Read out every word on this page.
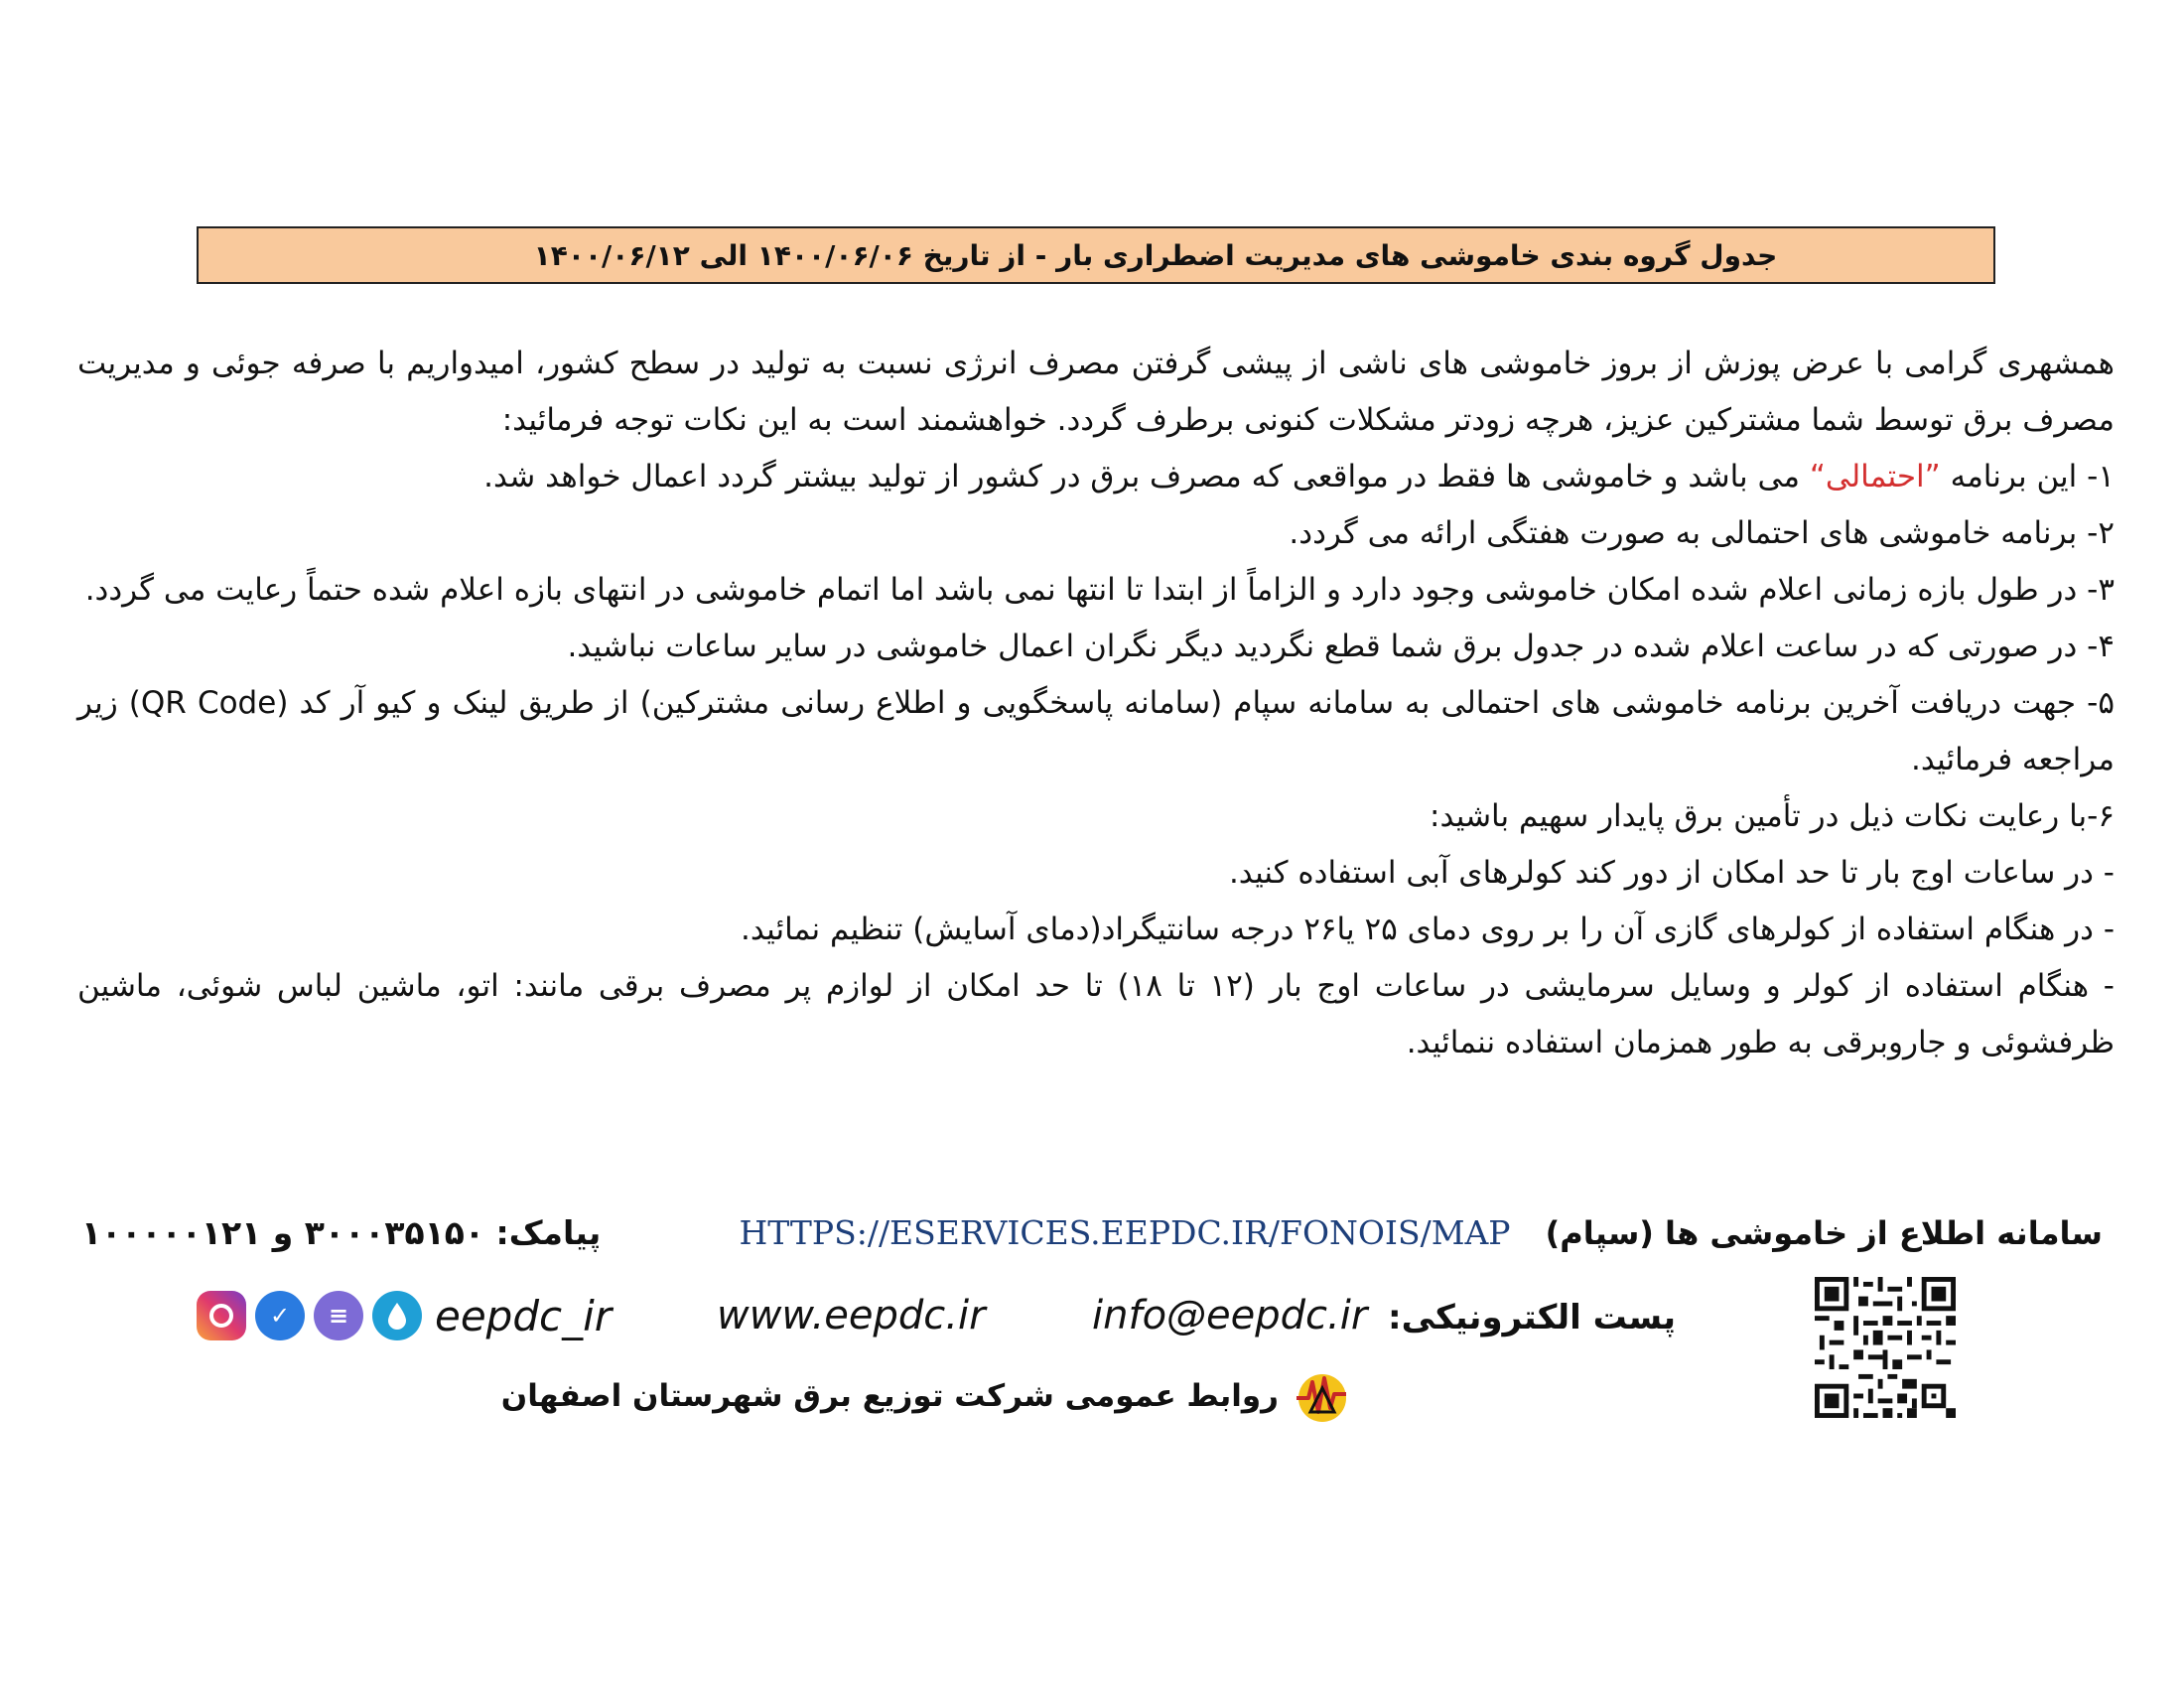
جدول گروه بندی خاموشی های مدیریت اضطراری بار - از تاریخ ۱۴۰۰/۰۶/۰۶ الی ۱۴۰۰/۰۶/۱۲

همشهری گرامی با عرض پوزش از بروز خاموشی های ناشی از پیشی گرفتن مصرف انرژی نسبت به تولید در سطح کشور، امیدواریم با صرفه جوئی و مدیریت مصرف برق توسط شما مشترکین عزیز، هرچه زودتر مشکلات کنونی برطرف گردد. خواهشمند است به این نکات توجه فرمائید:

۱- این برنامه ”احتمالی“ می باشد و خاموشی ها فقط در مواقعی که مصرف برق در کشور از تولید بیشتر گردد اعمال خواهد شد.

۲- برنامه خاموشی های احتمالی به صورت هفتگی ارائه می گردد.

۳- در طول بازه زمانی اعلام شده امکان خاموشی وجود دارد و الزاماً از ابتدا تا انتها نمی باشد اما اتمام خاموشی در انتهای بازه اعلام شده حتماً رعایت می گردد.

۴- در صورتی که در ساعت اعلام شده در جدول برق شما قطع نگردید دیگر نگران اعمال خاموشی در سایر ساعات نباشید.

۵- جهت دریافت آخرین برنامه خاموشی های احتمالی به سامانه سپام (سامانه پاسخگویی و اطلاع رسانی مشترکین) از طریق لینک و کیو آر کد (QR Code) زیر مراجعه فرمائید.

۶-با رعایت نکات ذیل در تأمین برق پایدار سهیم باشید:

- در ساعات اوج بار تا حد امکان از دور کند کولرهای آبی استفاده کنید.

- در هنگام استفاده از کولرهای گازی آن را بر روی دمای ۲۵ یا۲۶ درجه سانتیگراد(دمای آسایش) تنظیم نمائید.

- هنگام استفاده از کولر و وسایل سرمایشی در ساعات اوج بار (۱۲ تا ۱۸) تا حد امکان از لوازم پر مصرف برقی مانند: اتو، ماشین لباس شوئی، ماشین ظرفشوئی و جاروبرقی به طور همزمان استفاده ننمائید.

سامانه اطلاع از خاموشی ها (سپام) HTTPS://ESERVICES.EEPDC.IR/FONOIS/MAP
پیامک: ۳۰۰۰۳۵۱۵۰ و ۱۰۰۰۰۰۱۲۱
پست الکترونیکی: info@eepdc.ir
www.eepdc.ir
✓	≡	eepdc_ir
روابط عمومی شرکت توزیع برق شهرستان اصفهان
